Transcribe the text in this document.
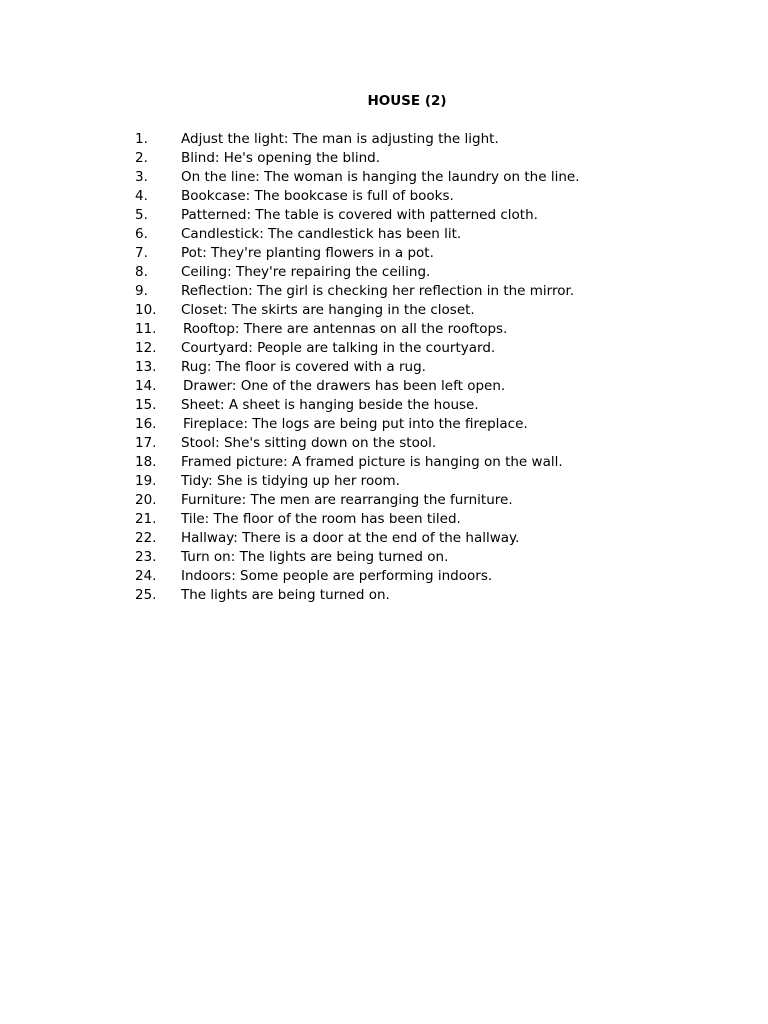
HOUSE (2)
1.	Adjust the light: The man is adjusting the light.
2.	Blind: He's opening the blind.
3.	On the line: The woman is hanging the laundry on the line.
4.	Bookcase: The bookcase is full of books.
5.	Patterned: The table is covered with patterned cloth.
6.	Candlestick: The candlestick has been lit.
7.	Pot: They're planting flowers in a pot.
8.	Ceiling: They're repairing the ceiling.
9.	Reflection: The girl is checking her reflection in the mirror.
10.	Closet: The skirts are hanging in the closet.
11.	Rooftop: There are antennas on all the rooftops.
12.	Courtyard: People are talking in the courtyard.
13.	Rug: The floor is covered with a rug.
14.	Drawer: One of the drawers has been left open.
15.	Sheet: A sheet is hanging beside the house.
16.	Fireplace: The logs are being put into the fireplace.
17.	Stool: She's sitting down on the stool.
18.	Framed picture: A framed picture is hanging on the wall.
19.	Tidy: She is tidying up her room.
20.	Furniture: The men are rearranging the furniture.
21.	Tile: The floor of the room has been tiled.
22.	Hallway: There is a door at the end of the hallway.
23.	Turn on: The lights are being turned on.
24.	Indoors: Some people are performing indoors.
25.	The lights are being turned on.
